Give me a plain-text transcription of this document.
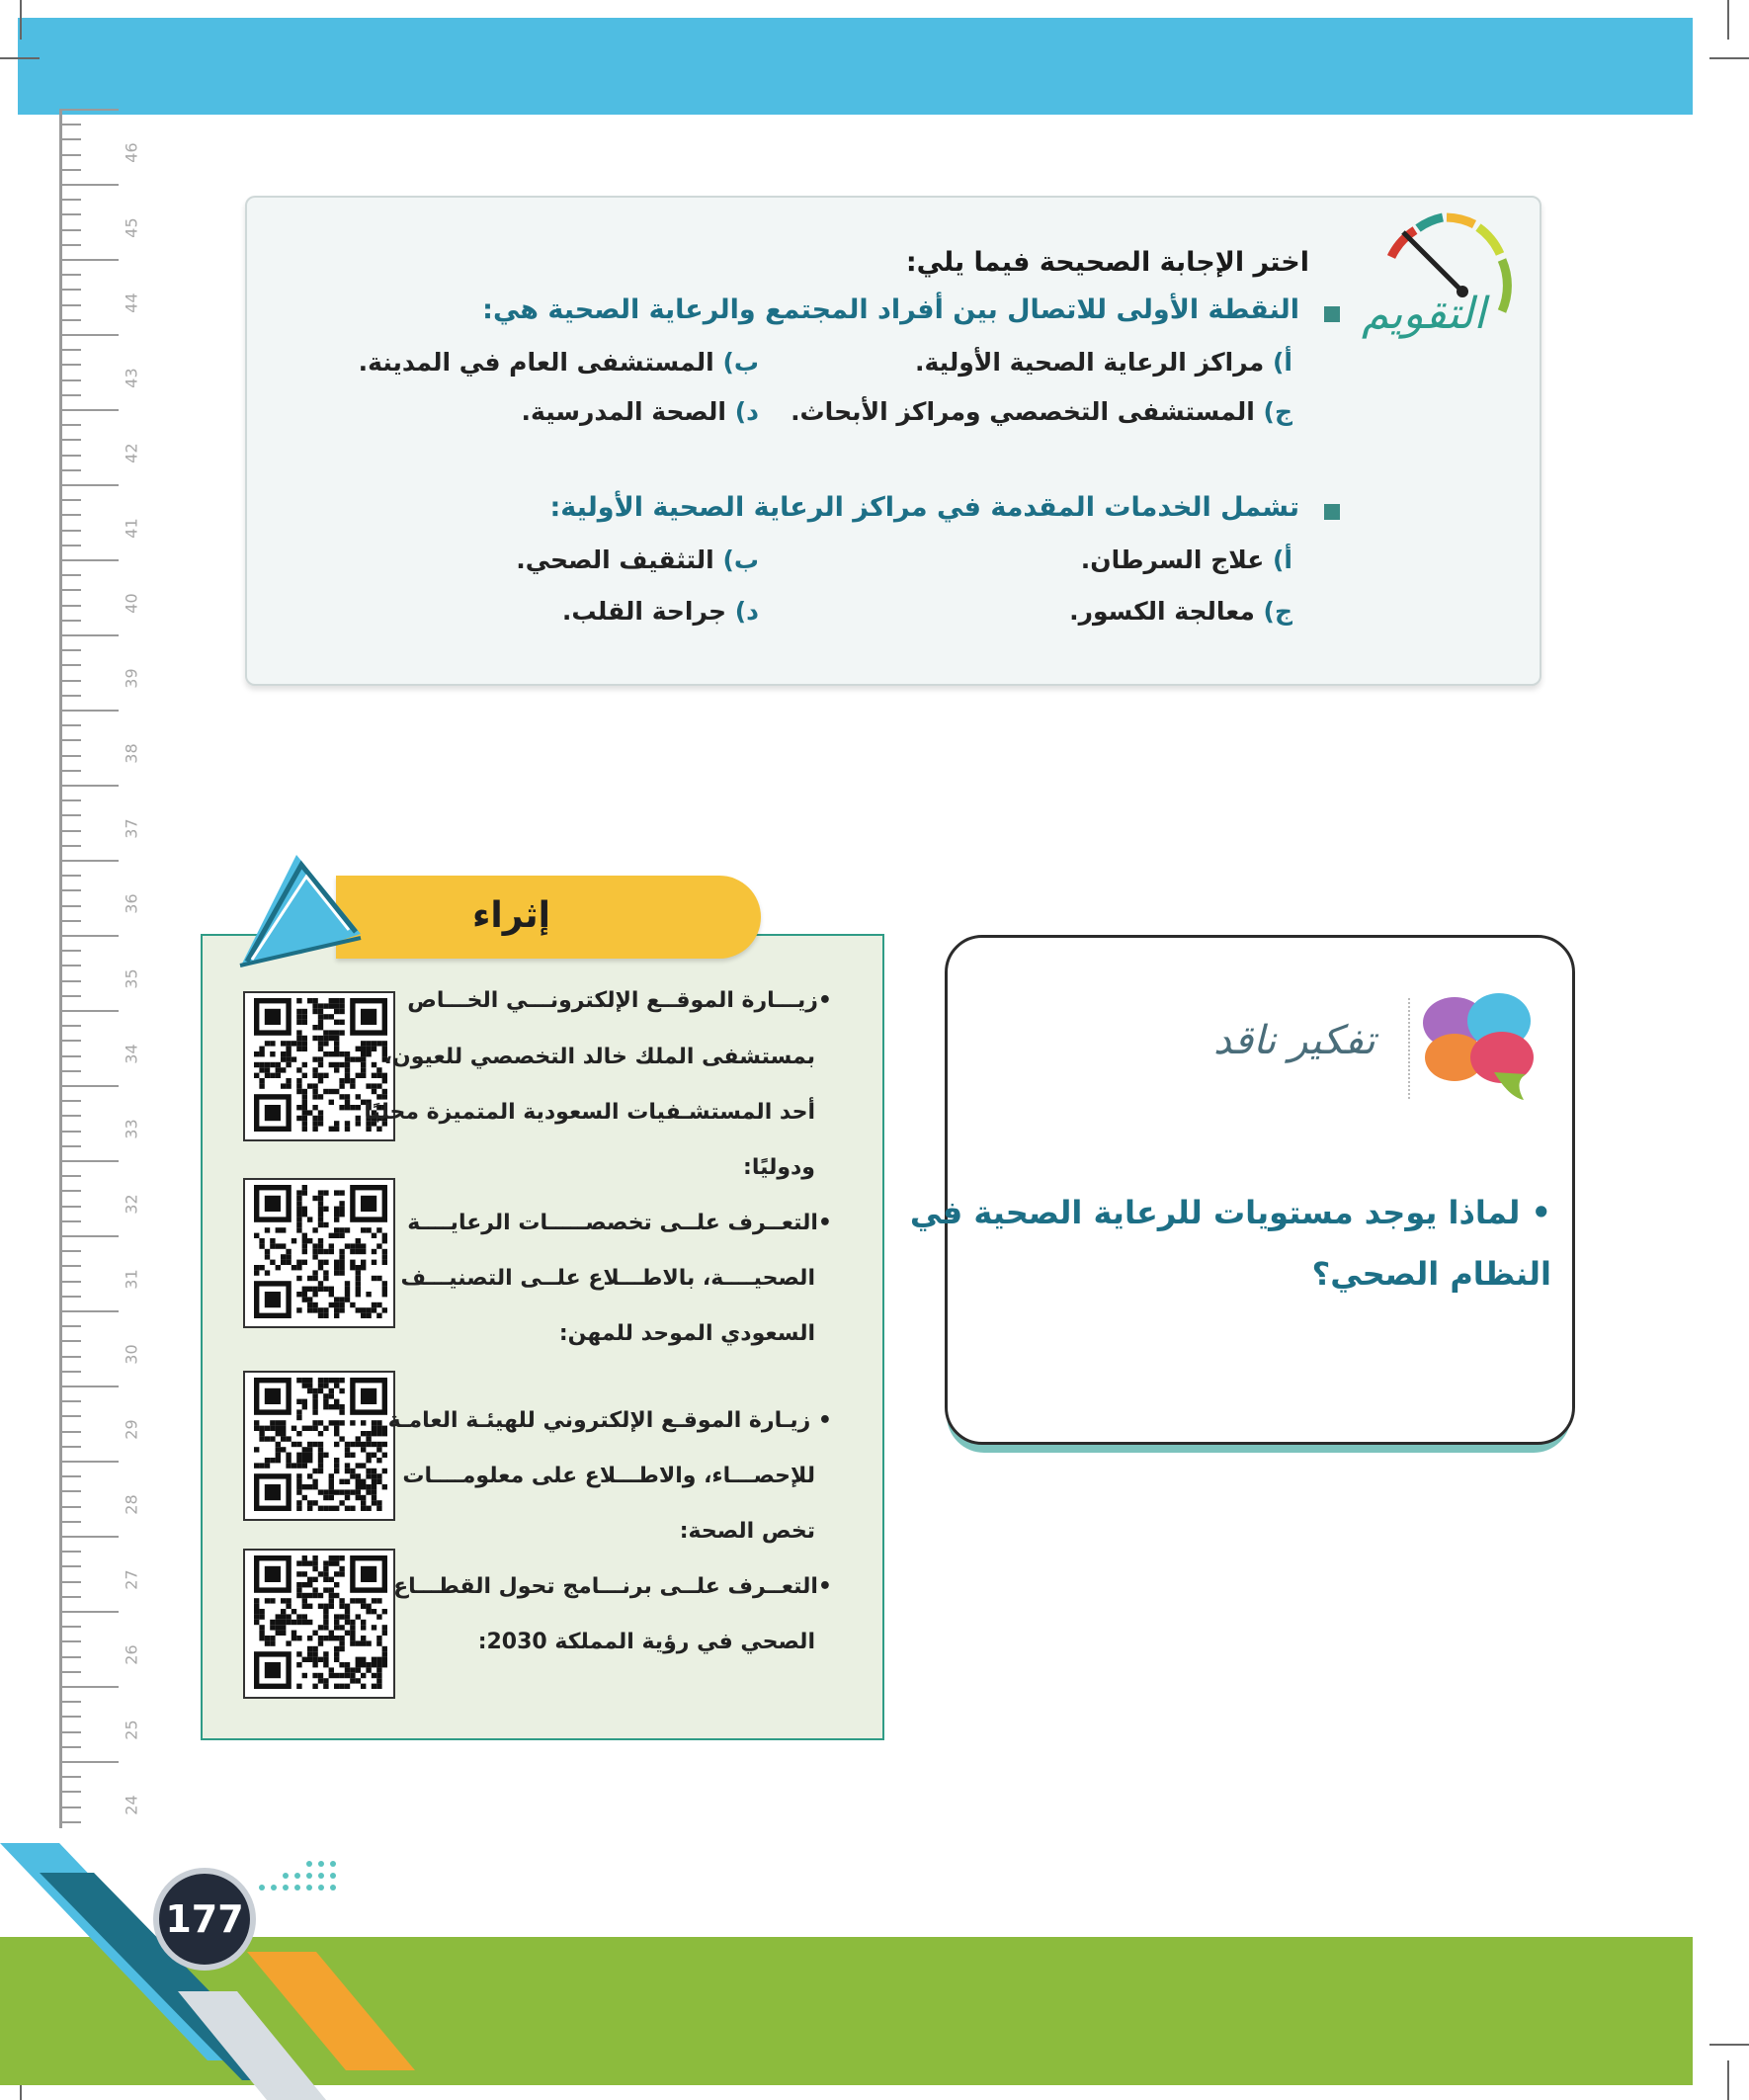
46
45
44
43
42
41
40
39
38
37
36
35
34
33
32
31
30
29
28
27
26
25
24
التقويم
اختر الإجابة الصحيحة فيما يلي:
النقطة الأولى للاتصال بين أفراد المجتمع والرعاية الصحية هي:
أ) مراكز الرعاية الصحية الأولية.
ب) المستشفى العام في المدينة.
ج) المستشفى التخصصي ومراكز الأبحاث.
د) الصحة المدرسية.
تشمل الخدمات المقدمة في مراكز الرعاية الصحية الأولية:
أ) علاج السرطان.
ب) التثقيف الصحي.
ج) معالجة الكسور.
د) جراحة القلب.
إثراء
•زيـــارة الموقــع الإلكترونـــي الخـــاص
بمستشفى الملك خالد التخصصي للعيون،
أحد المستشـفيات السعودية المتميزة محليًا
ودوليًا:
•التعــرف علــى تخصصـــــات الرعايــــة
الصحيــــة، بالاطـــلاع علــى التصنيـــف
السعودي الموحد للمهن:
• زيـارة الموقـع الإلكتروني للهيئـة العامـة
للإحصـــاء، والاطـــلاع على معلومــــات
تخص الصحة:
•التعــرف علــى برنـــامج تحول القطـــاع
الصحي في رؤية المملكة 2030:
تفكير ناقد
• لماذا يوجد مستويات للرعاية الصحية في
النظام الصحي؟
177
